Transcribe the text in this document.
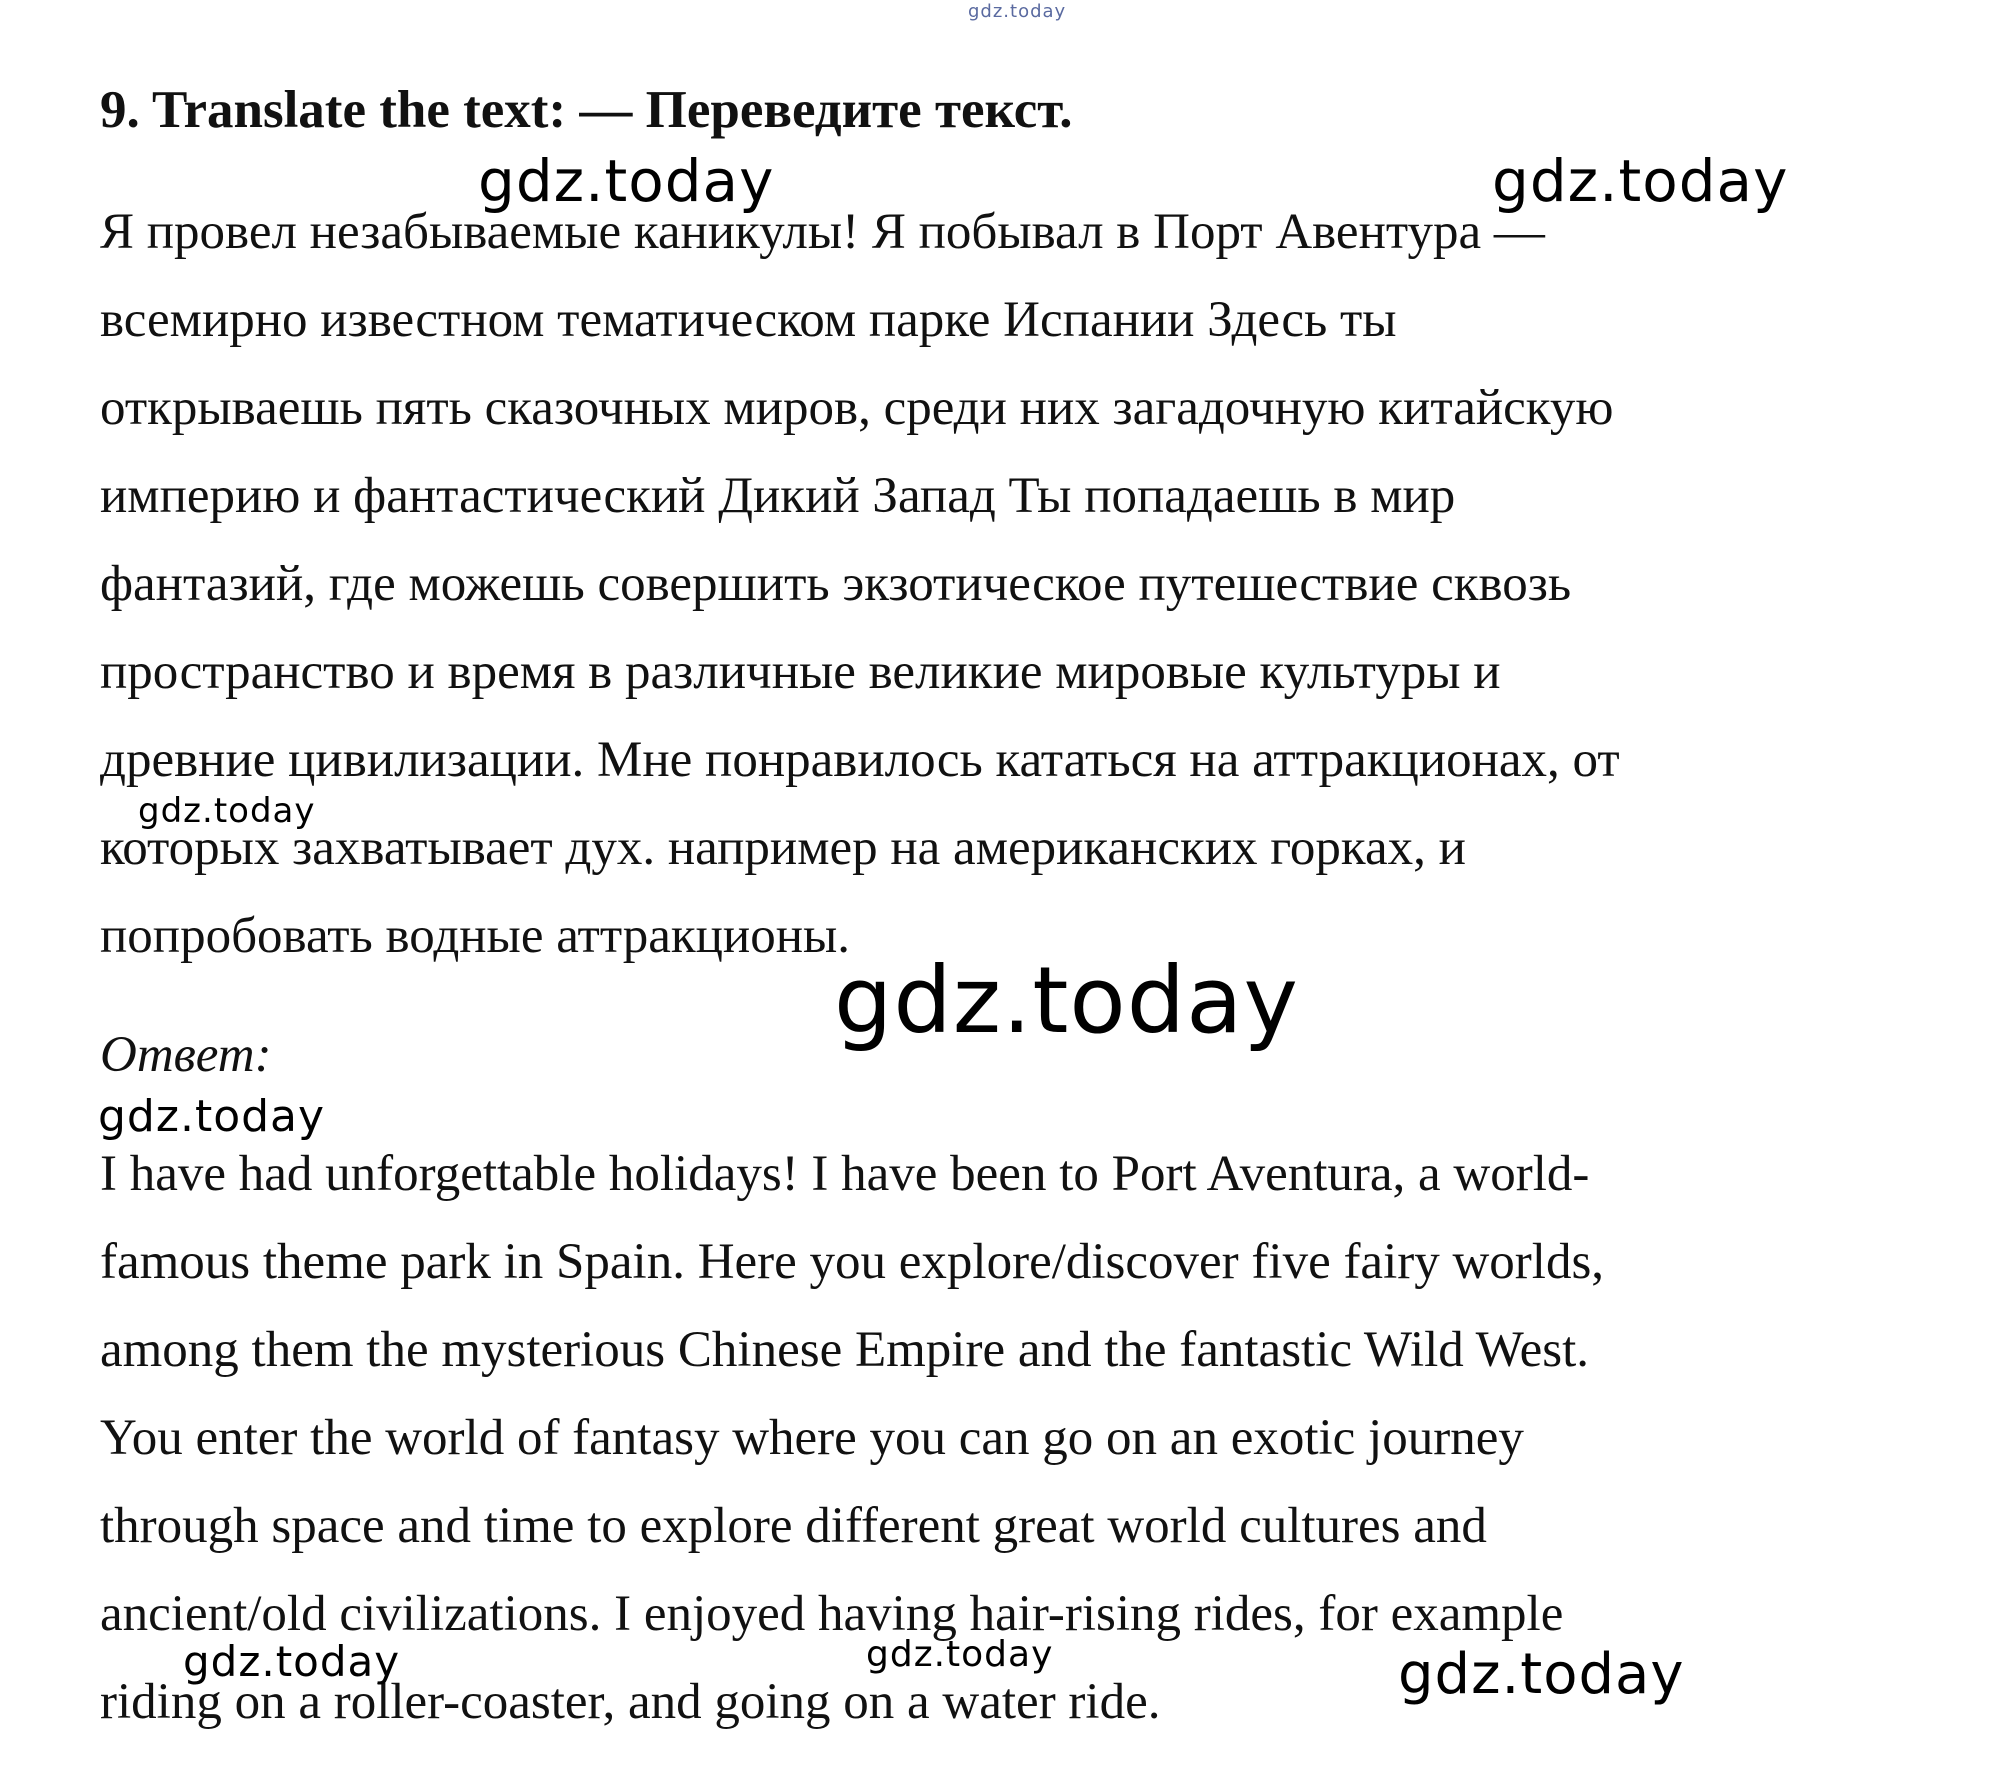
gdz.today
9. Translate the text: — Переведите текст.
Я провел незабываемые каникулы! Я побывал в Порт Авентура —
всемирно известном тематическом парке Испании Здесь ты
открываешь пять сказочных миров, среди них загадочную китайскую
империю и фантастический Дикий Запад Ты попадаешь в мир
фантазий, где можешь совершить экзотическое путешествие сквозь
пространство и время в различные великие мировые культуры и
древние цивилизации. Мне понравилось кататься на аттракционах, от
которых захватывает дух. например на американских горках, и
попробовать водные аттракционы.
Ответ:
I have had unforgettable holidays! I have been to Port Aventura, a world-
famous theme park in Spain. Here you explore/discover five fairy worlds,
among them the mysterious Chinese Empire and the fantastic Wild West.
You enter the world of fantasy where you can go on an exotic journey
through space and time to explore different great world cultures and
ancient/old civilizations. I enjoyed having hair-rising rides, for example
riding on a roller-coaster, and going on a water ride.
gdz.today	gdz.today
gdz.today
gdz.today
gdz.today
gdz.today	gdz.today	gdz.today
